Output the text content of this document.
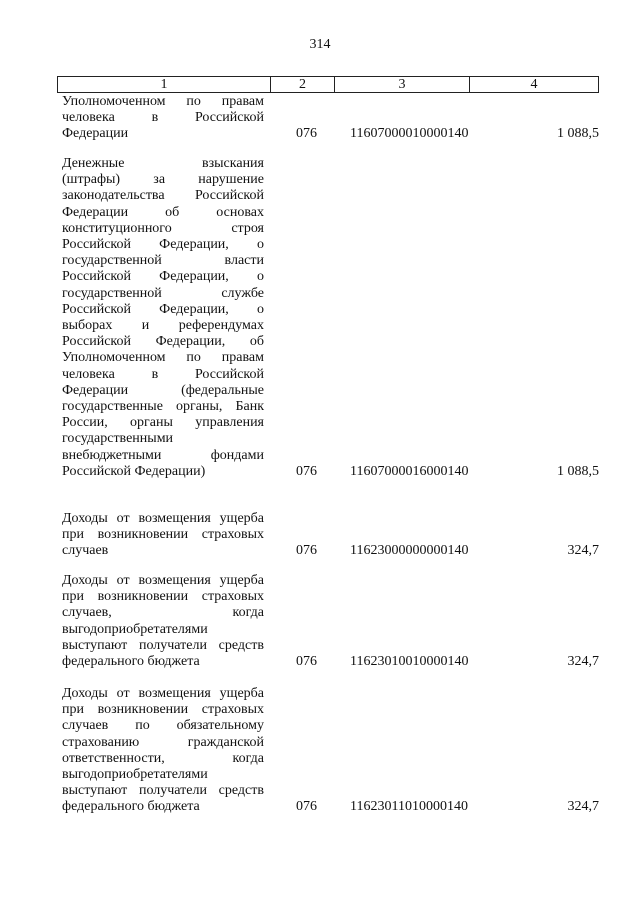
314
1	2	3	4
Уполномоченном по правам
человека в Российской
Федерации	076 11607000010000140	1 088,5
Денежные взыскания
(штрафы) за нарушение
законодательства Российской
Федерации об основах
конституционного строя
Российской Федерации, о
государственной власти
Российской Федерации, о
государственной службе
Российской Федерации, о
выборах и референдумах
Российской Федерации, об
Уполномоченном по правам
человека в Российской
Федерации (федеральные
государственные органы, Банк
России, органы управления
государственными
внебюджетными фондами
Российской Федерации)	076 11607000016000140	1 088,5
Доходы от возмещения ущерба
при возникновении страховых
случаев	076 11623000000000140	324,7
Доходы от возмещения ущерба
при возникновении страховых
случаев, когда
выгодоприобретателями
выступают получатели средств
федерального бюджета	076 11623010010000140	324,7
Доходы от возмещения ущерба
при возникновении страховых
случаев по обязательному
страхованию гражданской
ответственности, когда
выгодоприобретателями
выступают получатели средств
федерального бюджета	076 11623011010000140	324,7
